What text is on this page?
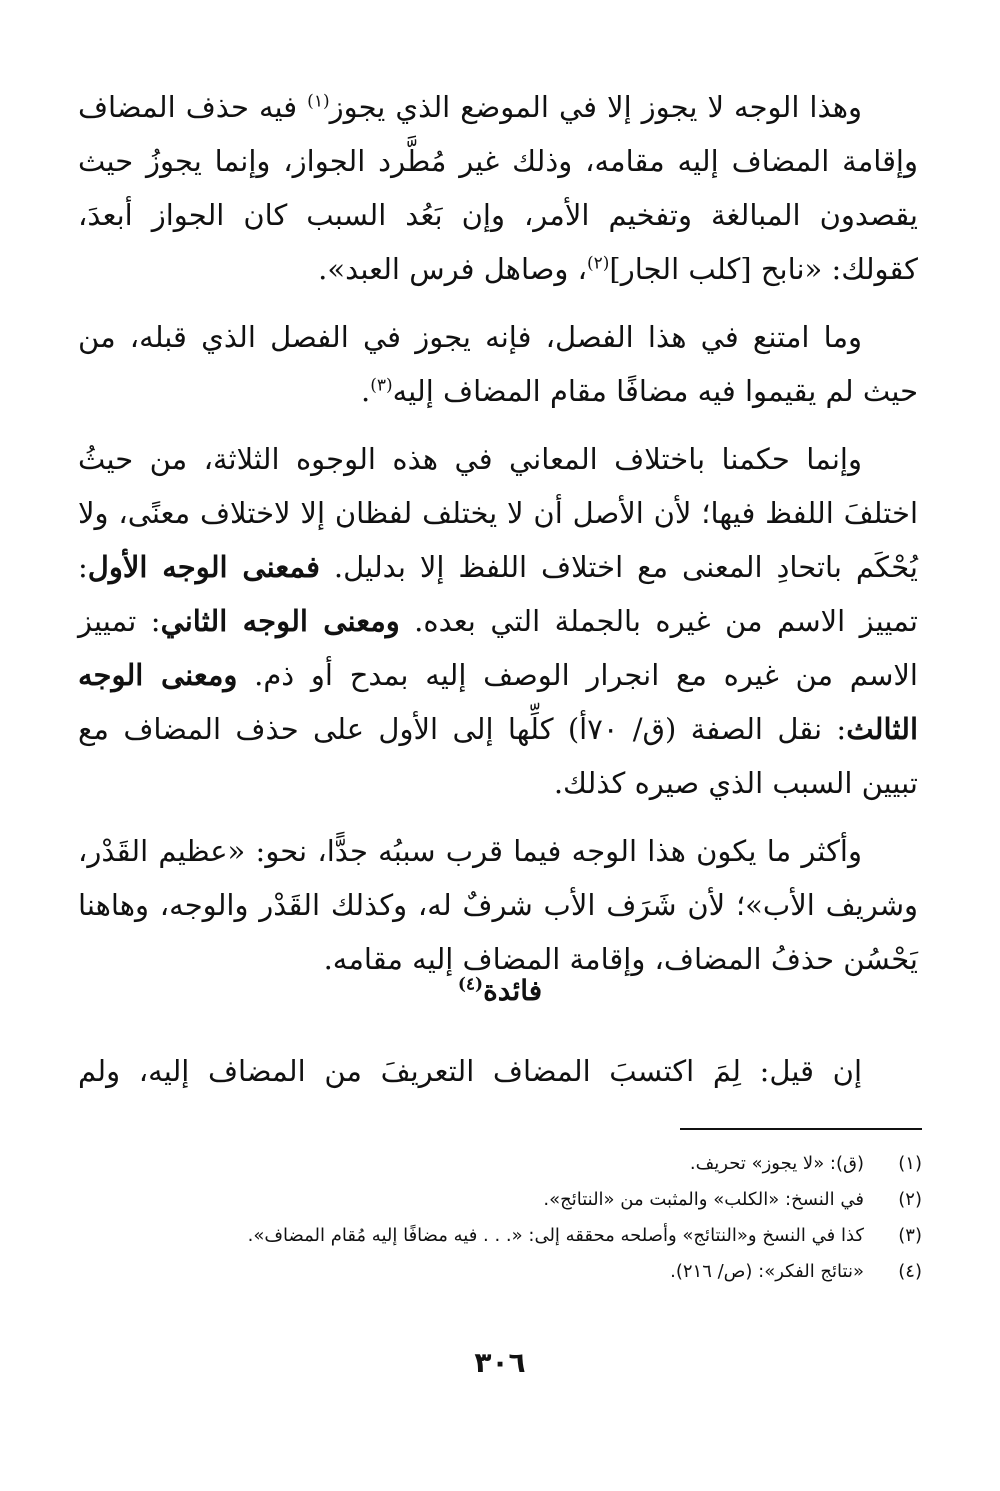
وهذا الوجه لا يجوز إلا في الموضع الذي يجوز$^{(١)}$ فيه حذف المضاف وإقامة المضاف إليه مقامه، وذلك غير مُطَّرد الجواز، وإنما يجوزُ حيث يقصدون المبالغة وتفخيم الأمر، وإن بَعُد السبب كان الجواز أبعدَ، كقولك: «نابح [كلب الجار]$^{(٢)}$، وصاهل فرس العبد».
وما امتنع في هذا الفصل، فإنه يجوز في الفصل الذي قبله، من حيث لم يقيموا فيه مضافًا مقام المضاف إليه$^{(٣)}$.
وإنما حكمنا باختلاف المعاني في هذه الوجوه الثلاثة، من حيثُ اختلفَ اللفظ فيها؛ لأن الأصل أن لا يختلف لفظان إلا لاختلاف معنًى، ولا يُحْكَم باتحادِ المعنى مع اختلاف اللفظ إلا بدليل. فمعنى الوجه الأول: تمييز الاسم من غيره بالجملة التي بعده. ومعنى الوجه الثاني: تمييز الاسم من غيره مع انجرار الوصف إليه بمدح أو ذم. ومعنى الوجه الثالث: نقل الصفة (ق/ ٧٠أ) كلِّها إلى الأول على حذف المضاف مع تبيين السبب الذي صيره كذلك.
وأكثر ما يكون هذا الوجه فيما قرب سببُه جدًّا، نحو: «عظيم القَدْر، وشريف الأب»؛ لأن شَرَف الأب شرفٌ له، وكذلك القَدْر والوجه، وهاهنا يَحْسُن حذفُ المضاف، وإقامة المضاف إليه مقامه.
فائدة$^{(٤)}$
إن قيل: لِمَ اكتسبَ المضاف التعريفَ من المضاف إليه، ولم
(١)
(ق): «لا يجوز» تحريف.
(٢)
في النسخ: «الكلب» والمثبت من «النتائج».
(٣)
كذا في النسخ و«النتائج» وأصلحه محققه إلى: «. . . فيه مضافًا إليه مُقام المضاف».
(٤)
«نتائج الفكر»: (ص/ ٢١٦).
٣٠٦
